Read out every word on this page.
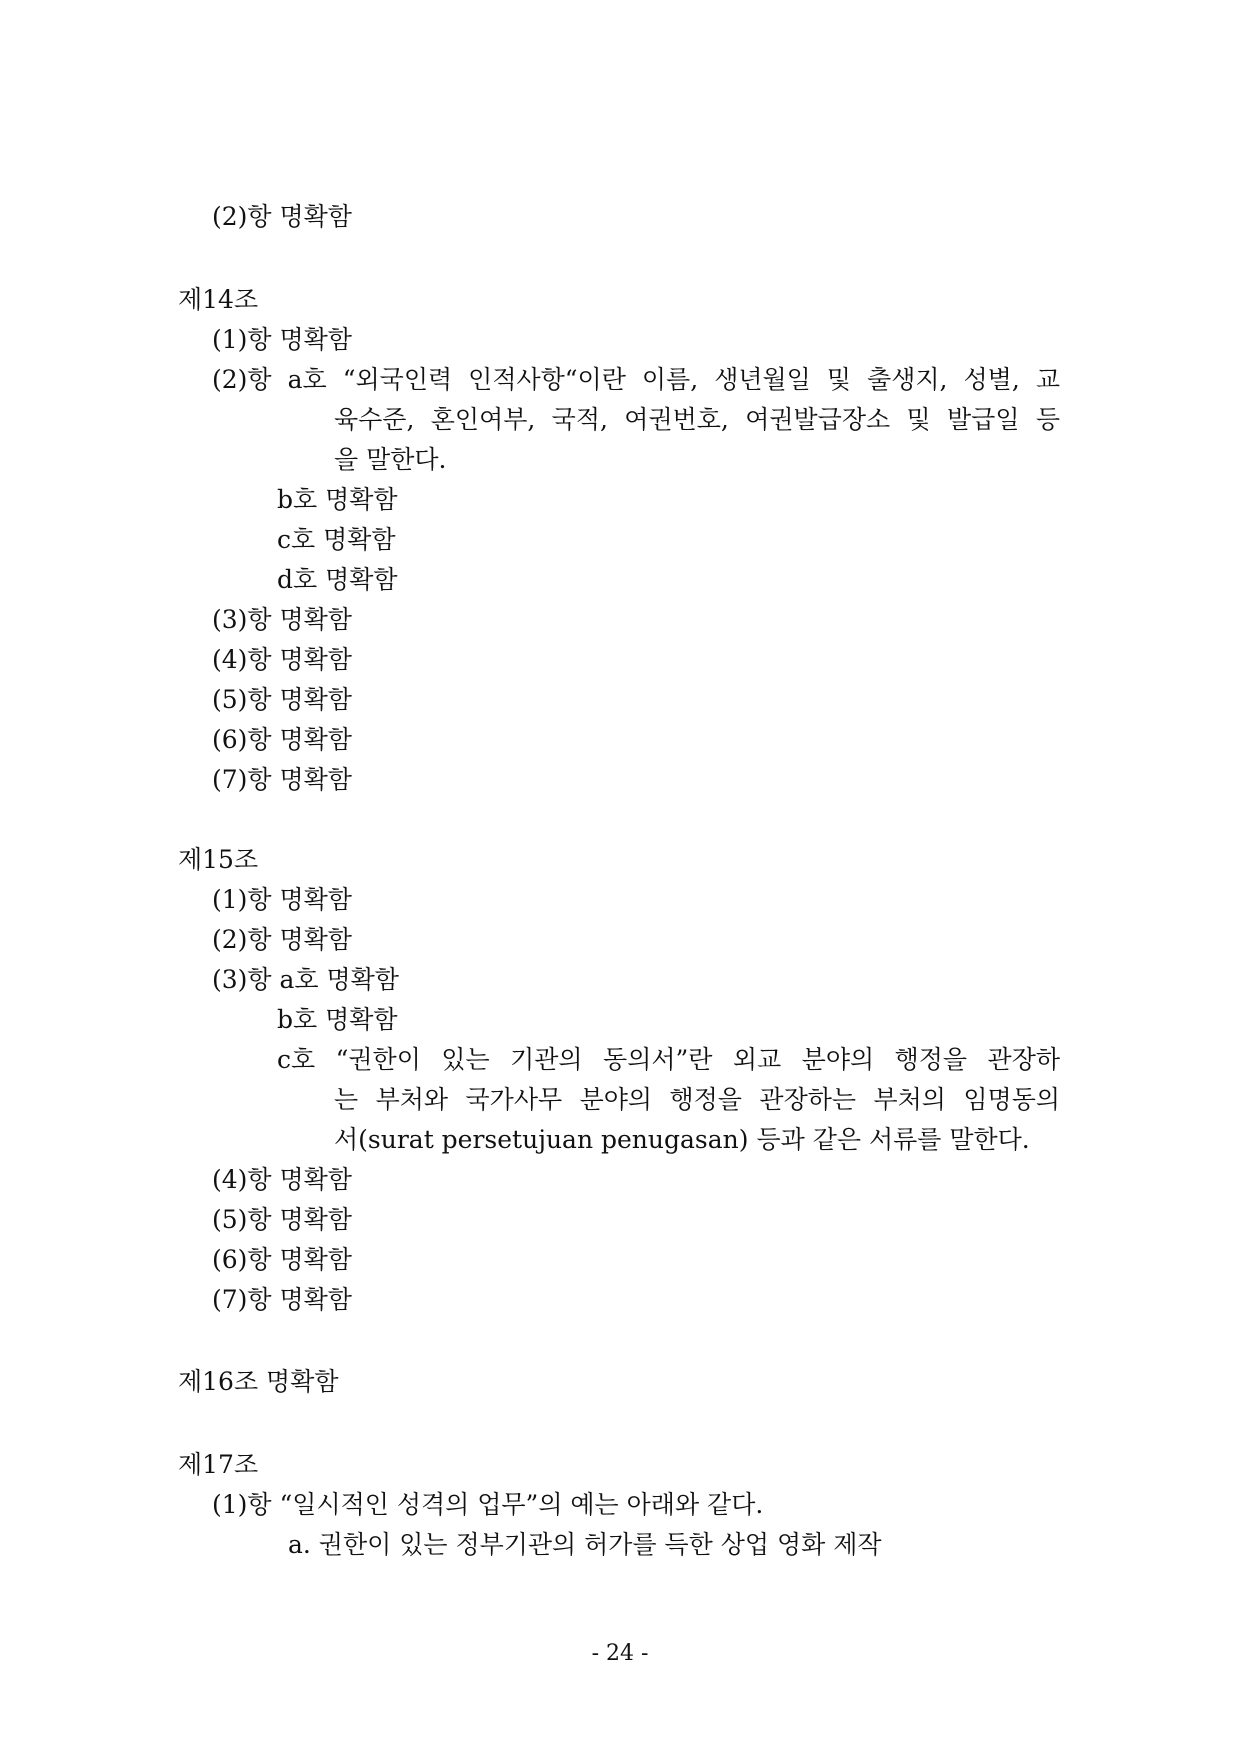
(2)항 명확함
제14조
(1)항 명확함
(2)항 a호 “외국인력 인적사항“이란 이름, 생년월일 및 출생지, 성별, 교
육수준, 혼인여부, 국적, 여권번호, 여권발급장소 및 발급일 등
을 말한다.
b호 명확함
c호 명확함
d호 명확함
(3)항 명확함
(4)항 명확함
(5)항 명확함
(6)항 명확함
(7)항 명확함
제15조
(1)항 명확함
(2)항 명확함
(3)항 a호 명확함
b호 명확함
c호 “권한이 있는 기관의 동의서”란 외교 분야의 행정을 관장하
는 부처와 국가사무 분야의 행정을 관장하는 부처의 임명동의
서(surat persetujuan penugasan) 등과 같은 서류를 말한다.
(4)항 명확함
(5)항 명확함
(6)항 명확함
(7)항 명확함
제16조 명확함
제17조
(1)항 “일시적인 성격의 업무”의 예는 아래와 같다.
a. 권한이 있는 정부기관의 허가를 득한 상업 영화 제작
- 24 -
